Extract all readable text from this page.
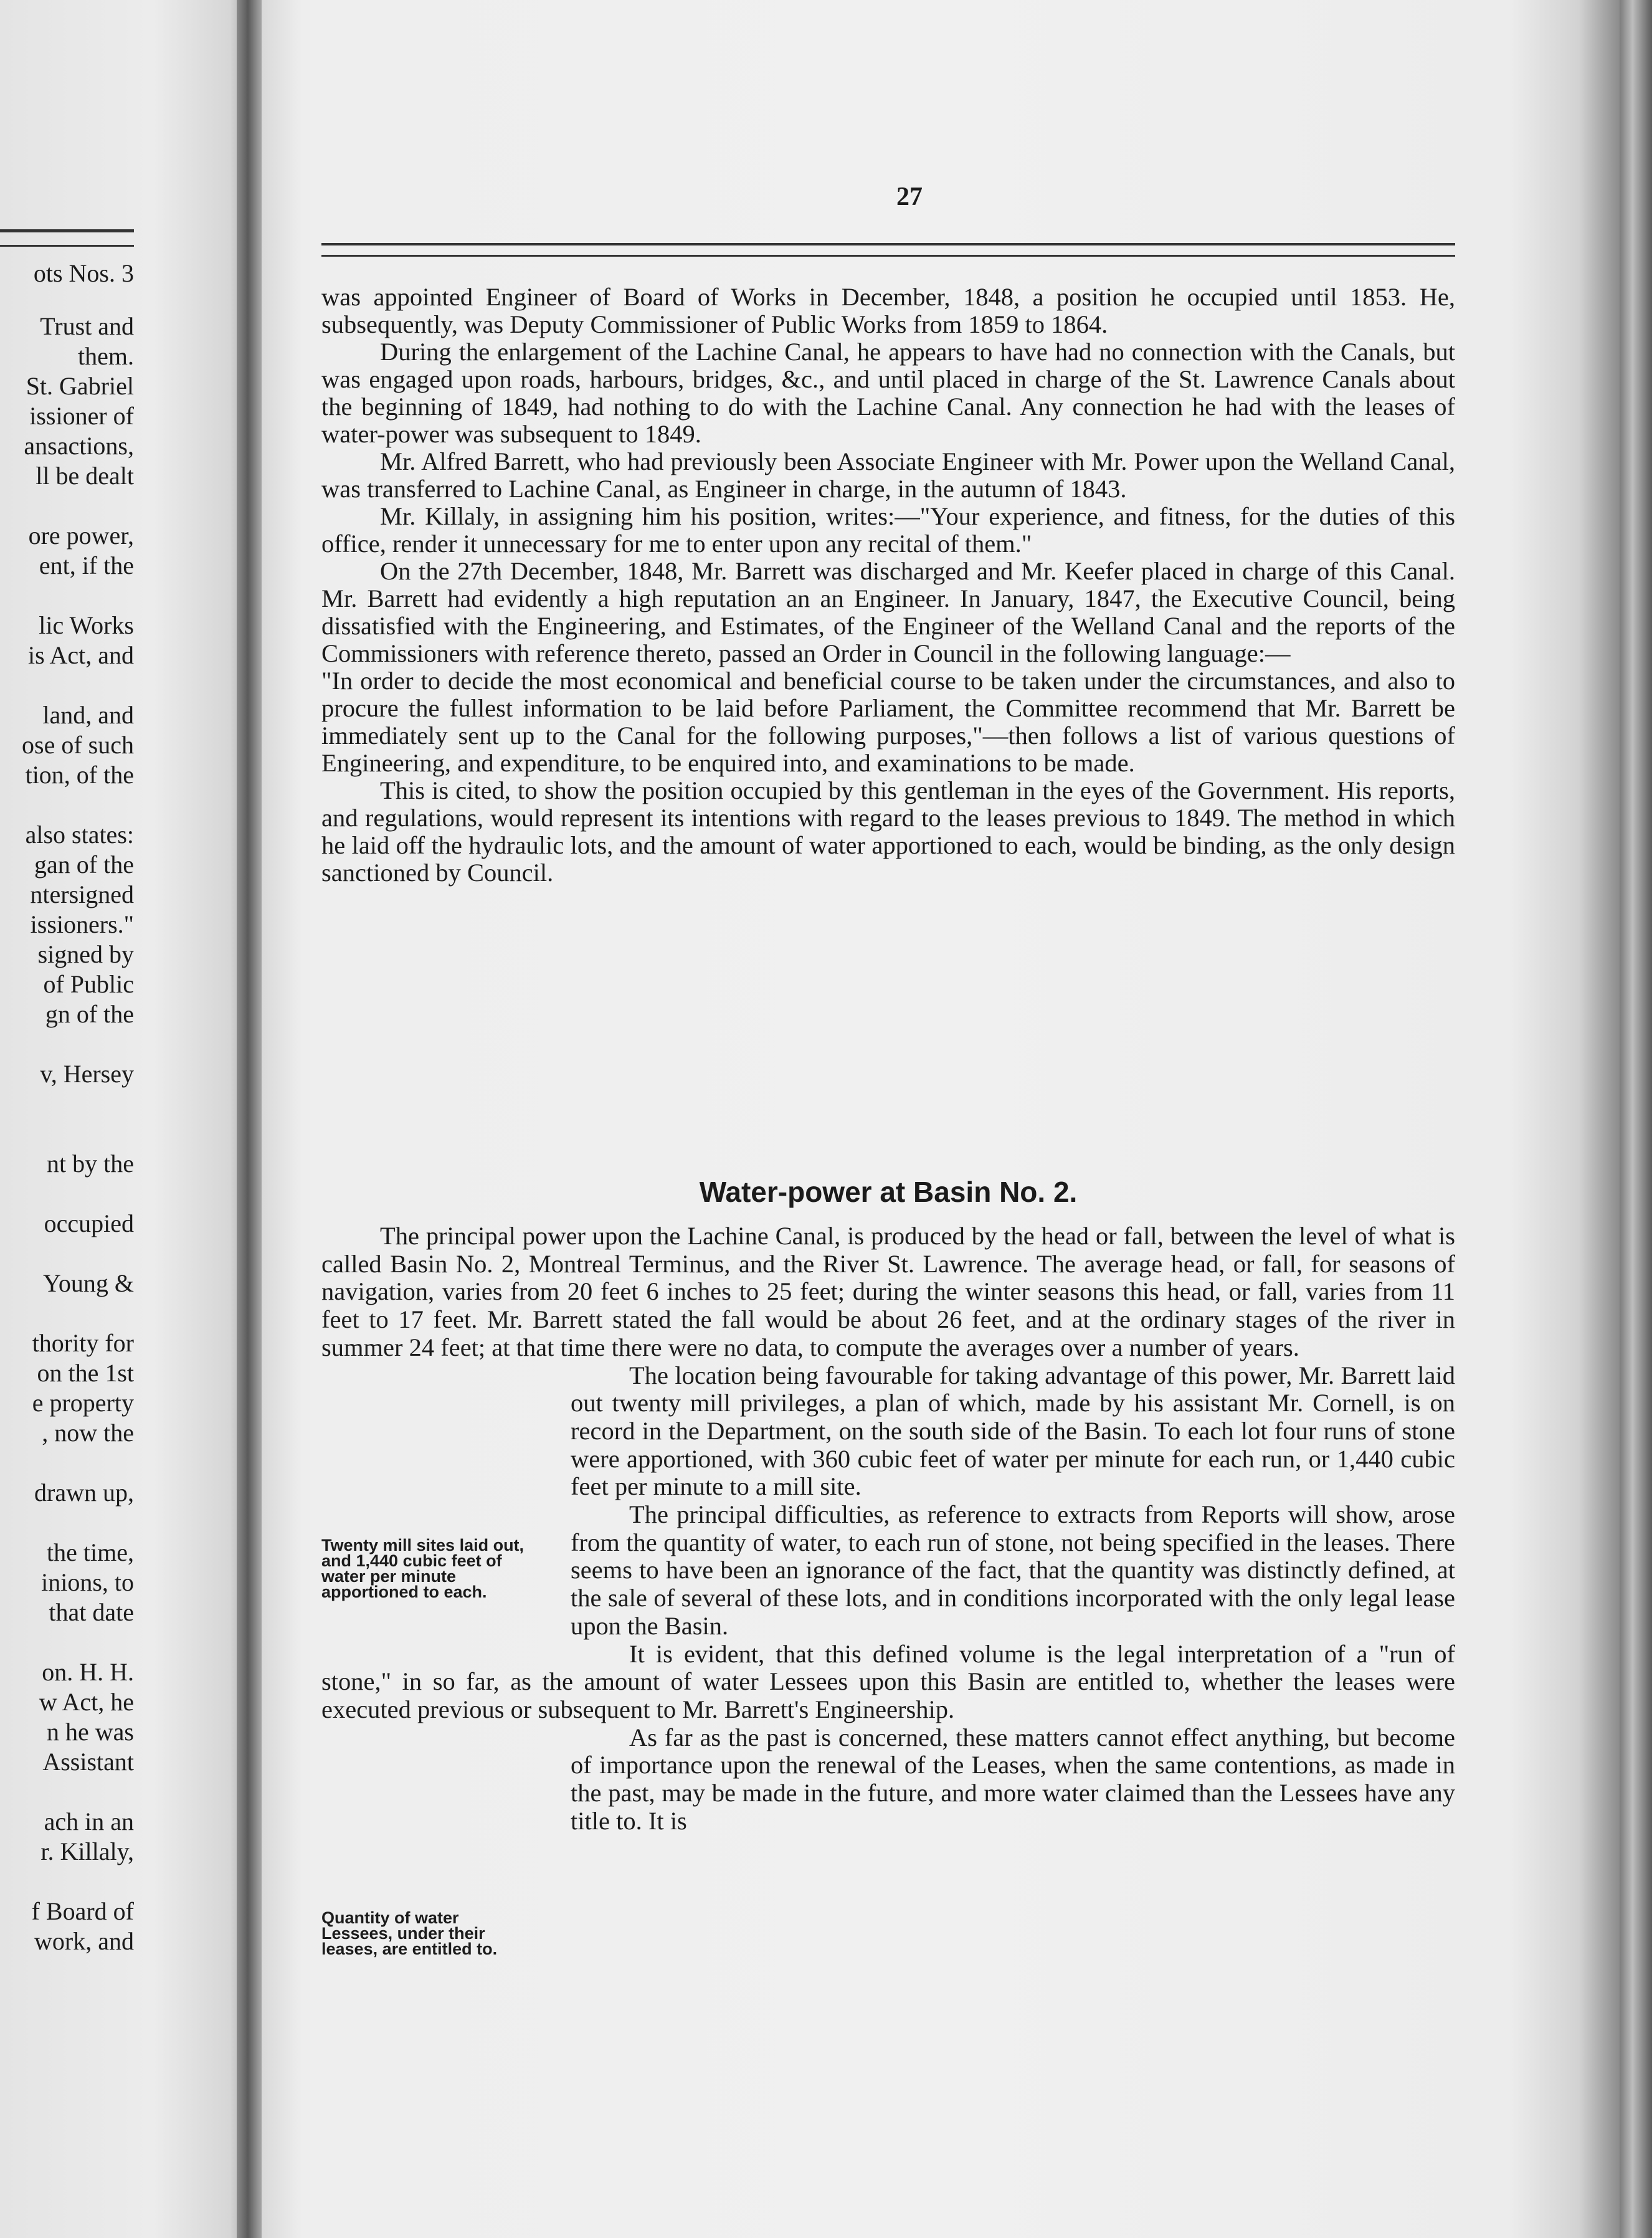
ots Nos. 3
Trust and
them.
St. Gabriel
issioner of
ansactions,
ll be dealt
ore power,
ent, if the
lic Works
is Act, and
land, and
ose of such
tion, of the
also states:
gan of the
ntersigned
issioners."
signed by
of Public
gn of the
v, Hersey
nt by the
occupied
Young &
thority for
on the 1st
e property
, now the
drawn up,
the time,
inions, to
that date
on. H. H.
w Act, he
n he was
Assistant
ach in an
r. Killaly,
f Board of
work, and
27

was appointed Engineer of Board of Works in December, 1848, a position he occupied until 1853. He, subsequently, was Deputy Commissioner of Public Works from 1859 to 1864.

During the enlargement of the Lachine Canal, he appears to have had no connection with the Canals, but was engaged upon roads, harbours, bridges, &c., and until placed in charge of the St. Lawrence Canals about the beginning of 1849, had nothing to do with the Lachine Canal. Any connection he had with the leases of water-power was subsequent to 1849.

Mr. Alfred Barrett, who had previously been Associate Engineer with Mr. Power upon the Welland Canal, was transferred to Lachine Canal, as Engineer in charge, in the autumn of 1843.

Mr. Killaly, in assigning him his position, writes:—"Your experience, and fitness, for the duties of this office, render it unnecessary for me to enter upon any recital of them."

On the 27th December, 1848, Mr. Barrett was discharged and Mr. Keefer placed in charge of this Canal. Mr. Barrett had evidently a high reputation an an Engineer. In January, 1847, the Executive Council, being dissatisfied with the Engineering, and Estimates, of the Engineer of the Welland Canal and the reports of the Commissioners with reference thereto, passed an Order in Council in the following language:—

"In order to decide the most economical and beneficial course to be taken under the circumstances, and also to procure the fullest information to be laid before Parliament, the Committee recommend that Mr. Barrett be immediately sent up to the Canal for the following purposes,"—then follows a list of various questions of Engineering, and expenditure, to be enquired into, and examinations to be made.

This is cited, to show the position occupied by this gentleman in the eyes of the Government. His reports, and regulations, would represent its intentions with regard to the leases previous to 1849. The method in which he laid off the hydraulic lots, and the amount of water apportioned to each, would be binding, as the only design sanctioned by Council.

Water-power at Basin No. 2.

The principal power upon the Lachine Canal, is produced by the head or fall, between the level of what is called Basin No. 2, Montreal Terminus, and the River St. Lawrence. The average head, or fall, for seasons of navigation, varies from 20 feet 6 inches to 25 feet; during the winter seasons this head, or fall, varies from 11 feet to 17 feet. Mr. Barrett stated the fall would be about 26 feet, and at the ordinary stages of the river in summer 24 feet; at that time there were no data, to compute the averages over a number of years.

The location being favourable for taking advantage of this power, Mr. Barrett laid out twenty mill privileges, a plan of which, made by his assistant Mr. Cornell, is on record in the Department, on the south side of the Basin. To each lot four runs of stone were apportioned, with 360 cubic feet of water per minute for each run, or 1,440 cubic feet per minute to a mill site.

The principal difficulties, as reference to extracts from Reports will show, arose from the quantity of water, to each run of stone, not being specified in the leases. There seems to have been an ignorance of the fact, that the quantity was distinctly defined, at the sale of several of these lots, and in conditions incorporated with the only legal lease upon the Basin.

It is evident, that this defined volume is the legal interpretation of a "run of stone," in so far, as the amount of water Lessees upon this Basin are entitled to, whether the leases were executed previous or subsequent to Mr. Barrett's Engineership.

As far as the past is concerned, these matters cannot effect anything, but become of importance upon the renewal of the Leases, when the same contentions, as made in the past, may be made in the future, and more water claimed than the Lessees have any title to. It is

Twenty mill sites laid out, and 1,440 cubic feet of water per minute apportioned to each.
Quantity of water Lessees, under their leases, are entitled to.
